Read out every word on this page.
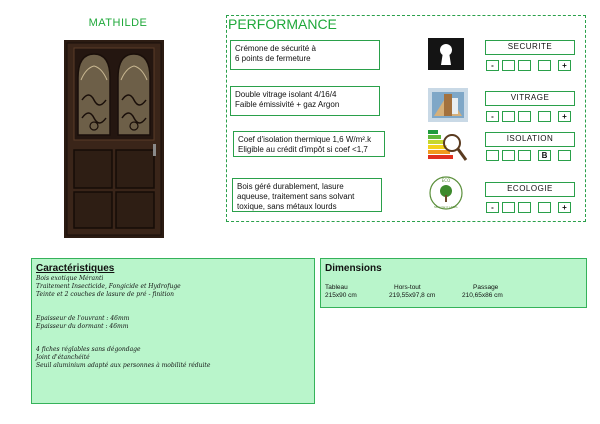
MATHILDE	PERFORMANCE
Crémone de sécurité à
6 points de fermeture
Double vitrage isolant 4/16/4
Faible émissivité + gaz Argon
Coef d'isolation thermique 1,6 W/m².k
Eligible au crédit d'impôt si coef <1,7
Bois géré durablement, lasure
aqueuse, traitement sans solvant
toxique, sans métaux lourds
ECO
Standard LABEL
SECURITE
-	+
VITRAGE
-	+
ISOLATION
B
ECOLOGIE
-	+
Caractéristiques
Bois exotique Méranti
Traitement Insecticide, Fongicide et Hydrofuge
Teinte et 2 couches de lasure de pré - finition
Epaisseur de l'ouvrant : 46mm
Epaisseur du dormant : 46mm
4 fiches réglables sans dégondage
Joint d'étanchéité
Seuil aluminium adapté aux personnes à mobilité réduite
Dimensions
Tableau	Hors-tout	Passage
215x90 cm	219,55x97,8 cm	210,65x86 cm
